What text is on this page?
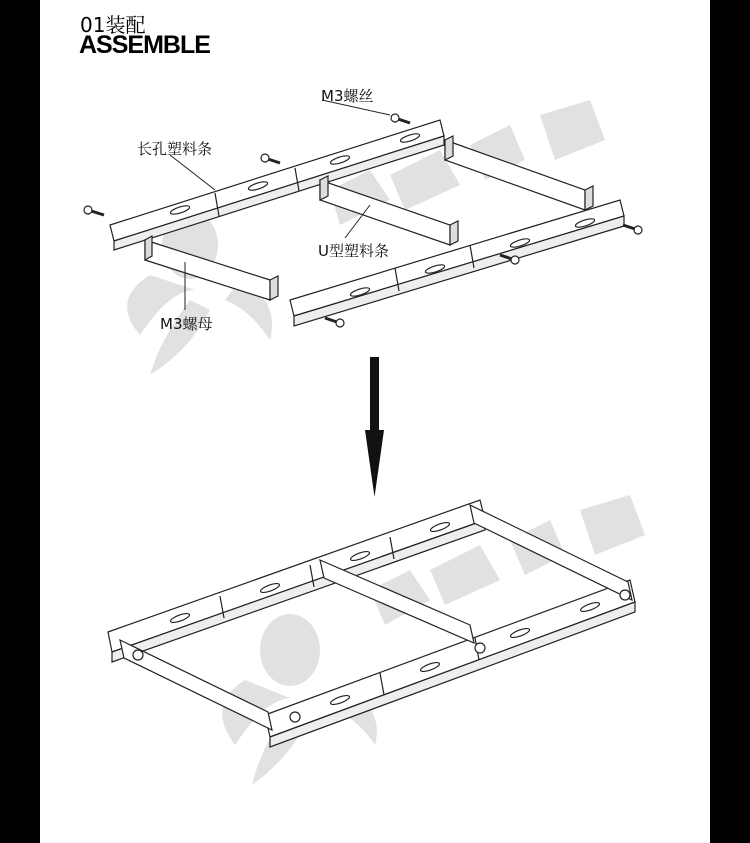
01装配
ASSEMBLE
M3螺丝
长孔塑料条
U型塑料条
M3螺母
